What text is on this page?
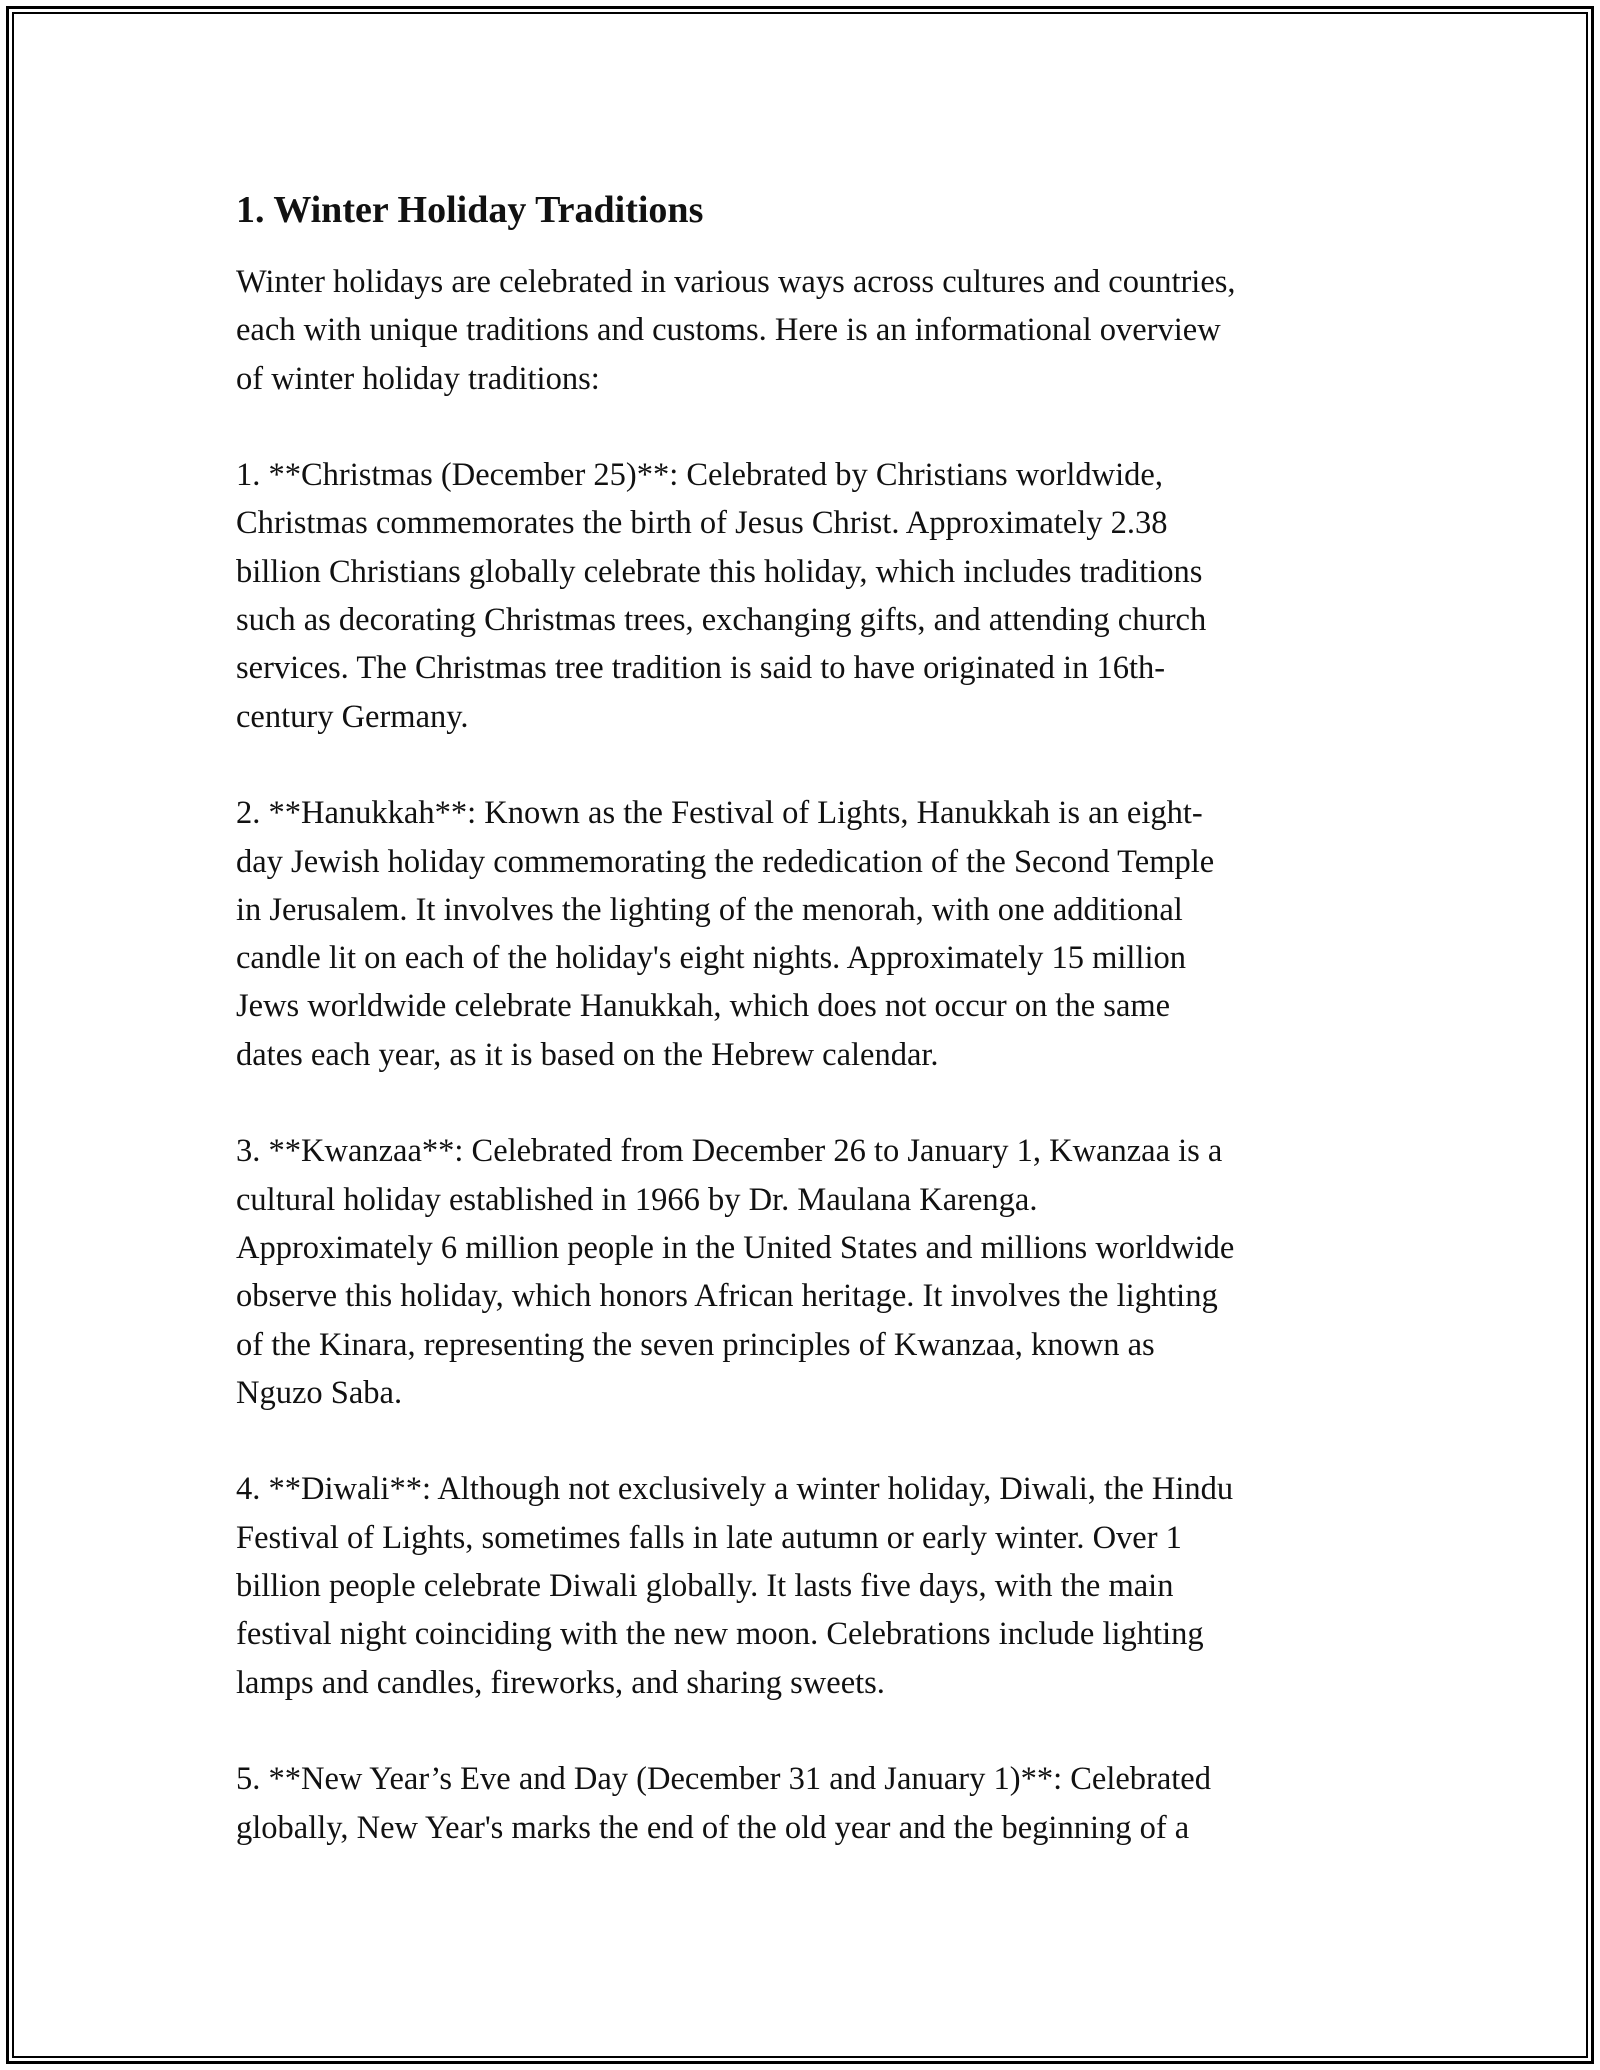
1. Winter Holiday Traditions

Winter holidays are celebrated in various ways across cultures and countries,
each with unique traditions and customs. Here is an informational overview
of winter holiday traditions:

1. **Christmas (December 25)**: Celebrated by Christians worldwide,
Christmas commemorates the birth of Jesus Christ. Approximately 2.38
billion Christians globally celebrate this holiday, which includes traditions
such as decorating Christmas trees, exchanging gifts, and attending church
services. The Christmas tree tradition is said to have originated in 16th-
century Germany.

2. **Hanukkah**: Known as the Festival of Lights, Hanukkah is an eight-
day Jewish holiday commemorating the rededication of the Second Temple
in Jerusalem. It involves the lighting of the menorah, with one additional
candle lit on each of the holiday's eight nights. Approximately 15 million
Jews worldwide celebrate Hanukkah, which does not occur on the same
dates each year, as it is based on the Hebrew calendar.

3. **Kwanzaa**: Celebrated from December 26 to January 1, Kwanzaa is a
cultural holiday established in 1966 by Dr. Maulana Karenga.
Approximately 6 million people in the United States and millions worldwide
observe this holiday, which honors African heritage. It involves the lighting
of the Kinara, representing the seven principles of Kwanzaa, known as
Nguzo Saba.

4. **Diwali**: Although not exclusively a winter holiday, Diwali, the Hindu
Festival of Lights, sometimes falls in late autumn or early winter. Over 1
billion people celebrate Diwali globally. It lasts five days, with the main
festival night coinciding with the new moon. Celebrations include lighting
lamps and candles, fireworks, and sharing sweets.

5. **New Year’s Eve and Day (December 31 and January 1)**: Celebrated
globally, New Year's marks the end of the old year and the beginning of a
